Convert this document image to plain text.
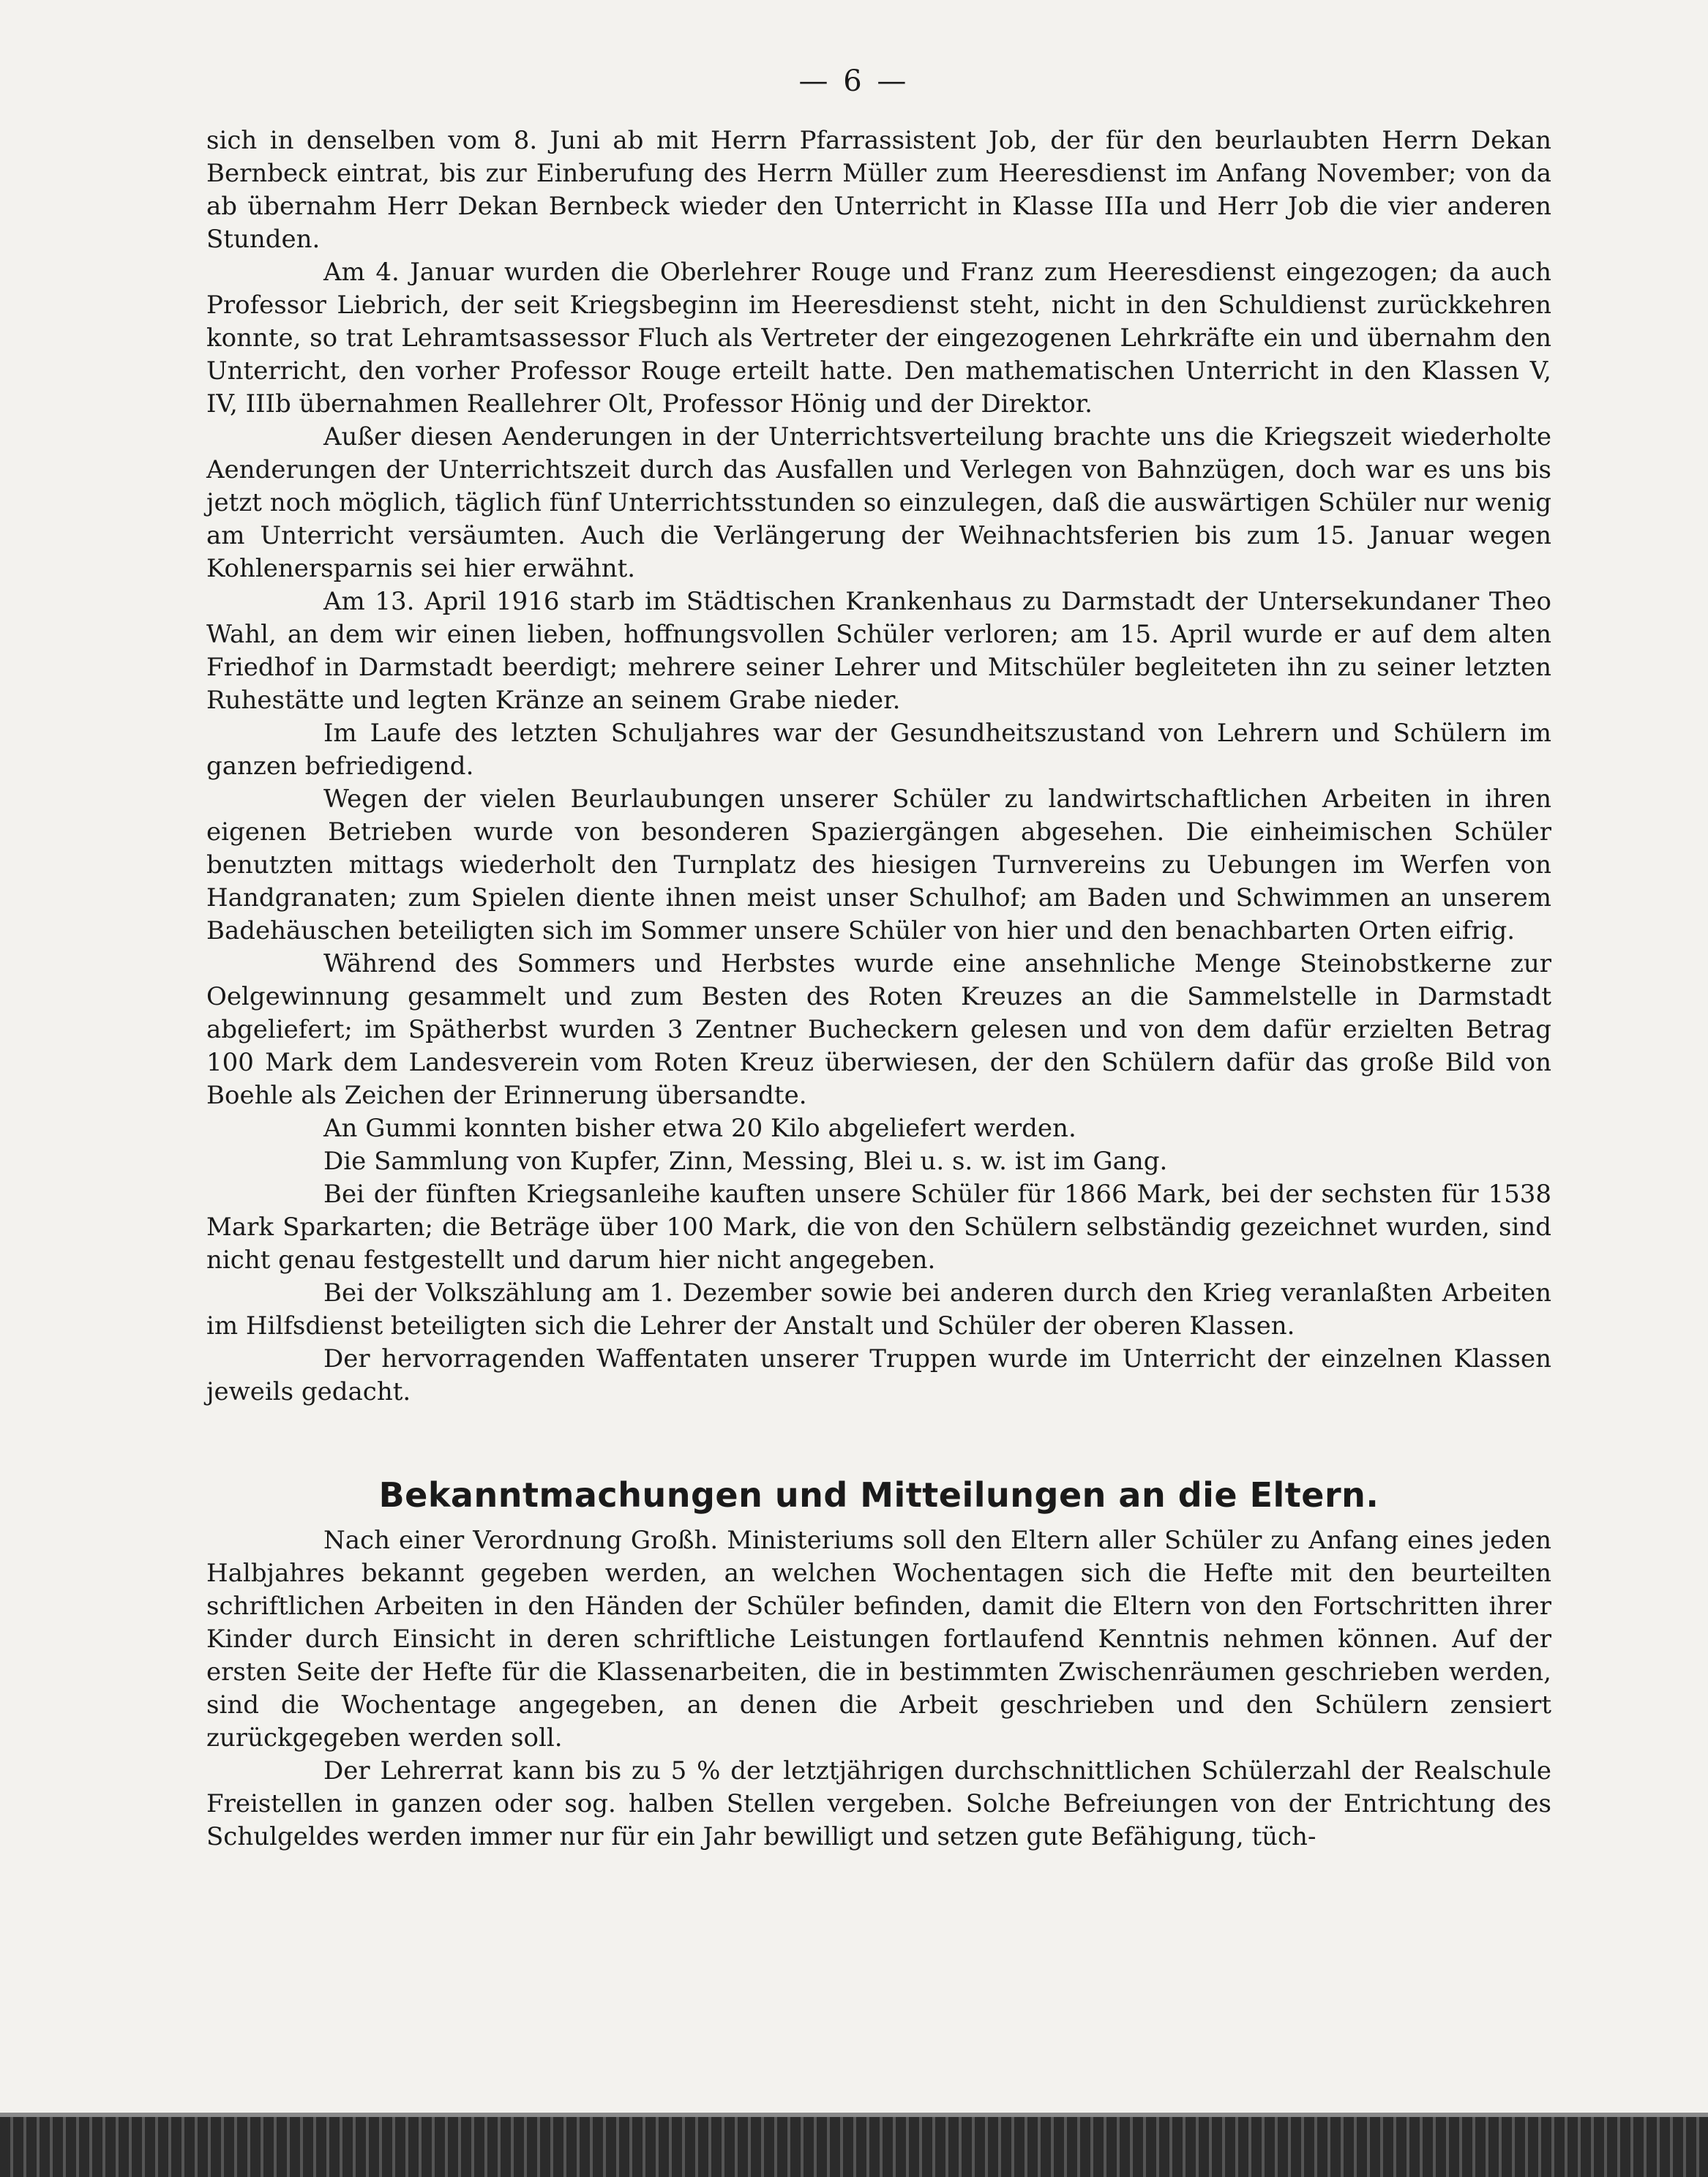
— 6 —

sich in denselben vom 8. Juni ab mit Herrn Pfarrassistent Job, der für den beurlaubten Herrn Dekan Bernbeck eintrat, bis zur Einberufung des Herrn Müller zum Heeresdienst im Anfang November; von da ab übernahm Herr Dekan Bernbeck wieder den Unterricht in Klasse IIIa und Herr Job die vier anderen Stunden.

Am 4. Januar wurden die Oberlehrer Rouge und Franz zum Heeresdienst eingezogen; da auch Professor Liebrich, der seit Kriegsbeginn im Heeresdienst steht, nicht in den Schuldienst zurückkehren konnte, so trat Lehramtsassessor Fluch als Vertreter der eingezogenen Lehrkräfte ein und übernahm den Unterricht, den vorher Professor Rouge erteilt hatte. Den mathematischen Unterricht in den Klassen V, IV, IIIb übernahmen Reallehrer Olt, Professor Hönig und der Direktor.

Außer diesen Aenderungen in der Unterrichtsverteilung brachte uns die Kriegszeit wiederholte Aenderungen der Unterrichtszeit durch das Ausfallen und Verlegen von Bahnzügen, doch war es uns bis jetzt noch möglich, täglich fünf Unterrichtsstunden so einzulegen, daß die auswärtigen Schüler nur wenig am Unterricht versäumten. Auch die Verlängerung der Weihnachtsferien bis zum 15. Januar wegen Kohlenersparnis sei hier erwähnt.

Am 13. April 1916 starb im Städtischen Krankenhaus zu Darmstadt der Untersekundaner Theo Wahl, an dem wir einen lieben, hoffnungsvollen Schüler verloren; am 15. April wurde er auf dem alten Friedhof in Darmstadt beerdigt; mehrere seiner Lehrer und Mitschüler begleiteten ihn zu seiner letzten Ruhestätte und legten Kränze an seinem Grabe nieder.

Im Laufe des letzten Schuljahres war der Gesundheitszustand von Lehrern und Schülern im ganzen befriedigend.

Wegen der vielen Beurlaubungen unserer Schüler zu landwirtschaftlichen Arbeiten in ihren eigenen Betrieben wurde von besonderen Spaziergängen abgesehen. Die einheimischen Schüler benutzten mittags wiederholt den Turnplatz des hiesigen Turnvereins zu Uebungen im Werfen von Handgranaten; zum Spielen diente ihnen meist unser Schulhof; am Baden und Schwimmen an unserem Badehäuschen beteiligten sich im Sommer unsere Schüler von hier und den benachbarten Orten eifrig.

Während des Sommers und Herbstes wurde eine ansehnliche Menge Steinobstkerne zur Oelgewinnung gesammelt und zum Besten des Roten Kreuzes an die Sammelstelle in Darmstadt abgeliefert; im Spätherbst wurden 3 Zentner Bucheckern gelesen und von dem dafür erzielten Betrag 100 Mark dem Landesverein vom Roten Kreuz überwiesen, der den Schülern dafür das große Bild von Boehle als Zeichen der Erinnerung übersandte.

An Gummi konnten bisher etwa 20 Kilo abgeliefert werden.

Die Sammlung von Kupfer, Zinn, Messing, Blei u. s. w. ist im Gang.

Bei der fünften Kriegsanleihe kauften unsere Schüler für 1866 Mark, bei der sechsten für 1538 Mark Sparkarten; die Beträge über 100 Mark, die von den Schülern selbständig gezeichnet wurden, sind nicht genau festgestellt und darum hier nicht angegeben.

Bei der Volkszählung am 1. Dezember sowie bei anderen durch den Krieg veranlaßten Arbeiten im Hilfsdienst beteiligten sich die Lehrer der Anstalt und Schüler der oberen Klassen.

Der hervorragenden Waffentaten unserer Truppen wurde im Unterricht der einzelnen Klassen jeweils gedacht.

Bekanntmachungen und Mitteilungen an die Eltern.

Nach einer Verordnung Großh. Ministeriums soll den Eltern aller Schüler zu Anfang eines jeden Halbjahres bekannt gegeben werden, an welchen Wochentagen sich die Hefte mit den beurteilten schriftlichen Arbeiten in den Händen der Schüler befinden, damit die Eltern von den Fortschritten ihrer Kinder durch Einsicht in deren schriftliche Leistungen fortlaufend Kenntnis nehmen können. Auf der ersten Seite der Hefte für die Klassenarbeiten, die in bestimmten Zwischenräumen geschrieben werden, sind die Wochentage angegeben, an denen die Arbeit geschrieben und den Schülern zensiert zurückgegeben werden soll.

Der Lehrerrat kann bis zu 5 % der letztjährigen durchschnittlichen Schülerzahl der Realschule Freistellen in ganzen oder sog. halben Stellen vergeben. Solche Befreiungen von der Entrichtung des Schulgeldes werden immer nur für ein Jahr bewilligt und setzen gute Befähigung, tüch-
